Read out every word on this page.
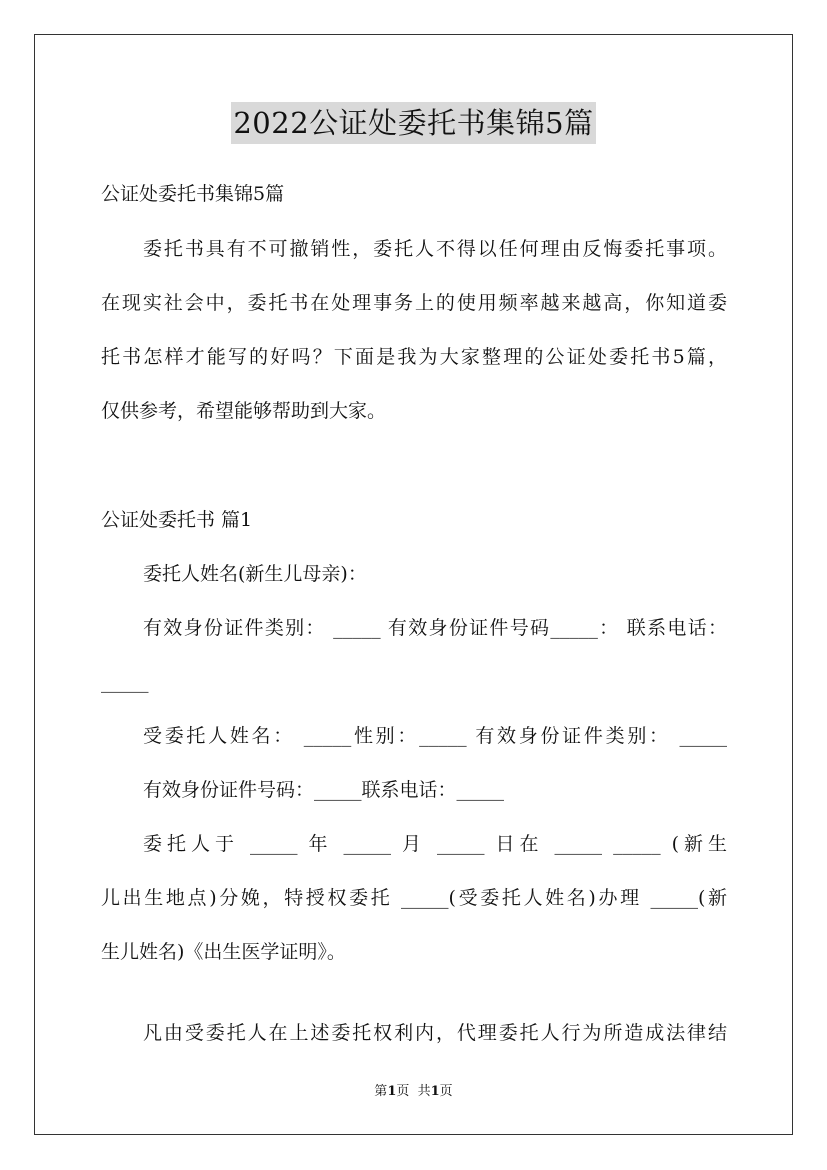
2022公证处委托书集锦5篇
公证处委托书集锦5篇
委托书具有不可撤销性，委托人不得以任何理由反悔委托事项。
在现实社会中，委托书在处理事务上的使用频率越来越高，你知道委
托书怎样才能写的好吗？下面是我为大家整理的公证处委托书5篇，
仅供参考，希望能够帮助到大家。
公证处委托书 篇1
委托人姓名(新生儿母亲)：
有效身份证件类别： _____ 有效身份证件号码_____： 联系电话：
_____
受委托人姓名： _____性别：_____ 有效身份证件类别： _____
有效身份证件号码：_____联系电话：_____
委托人于 _____ 年 _____ 月 _____ 日在 _____ _____ (新生
儿出生地点)分娩，特授权委托 _____(受委托人姓名)办理 _____(新
生儿姓名)《出生医学证明》。
凡由受委托人在上述委托权利内，代理委托人行为所造成法律结
第1页  共1页
